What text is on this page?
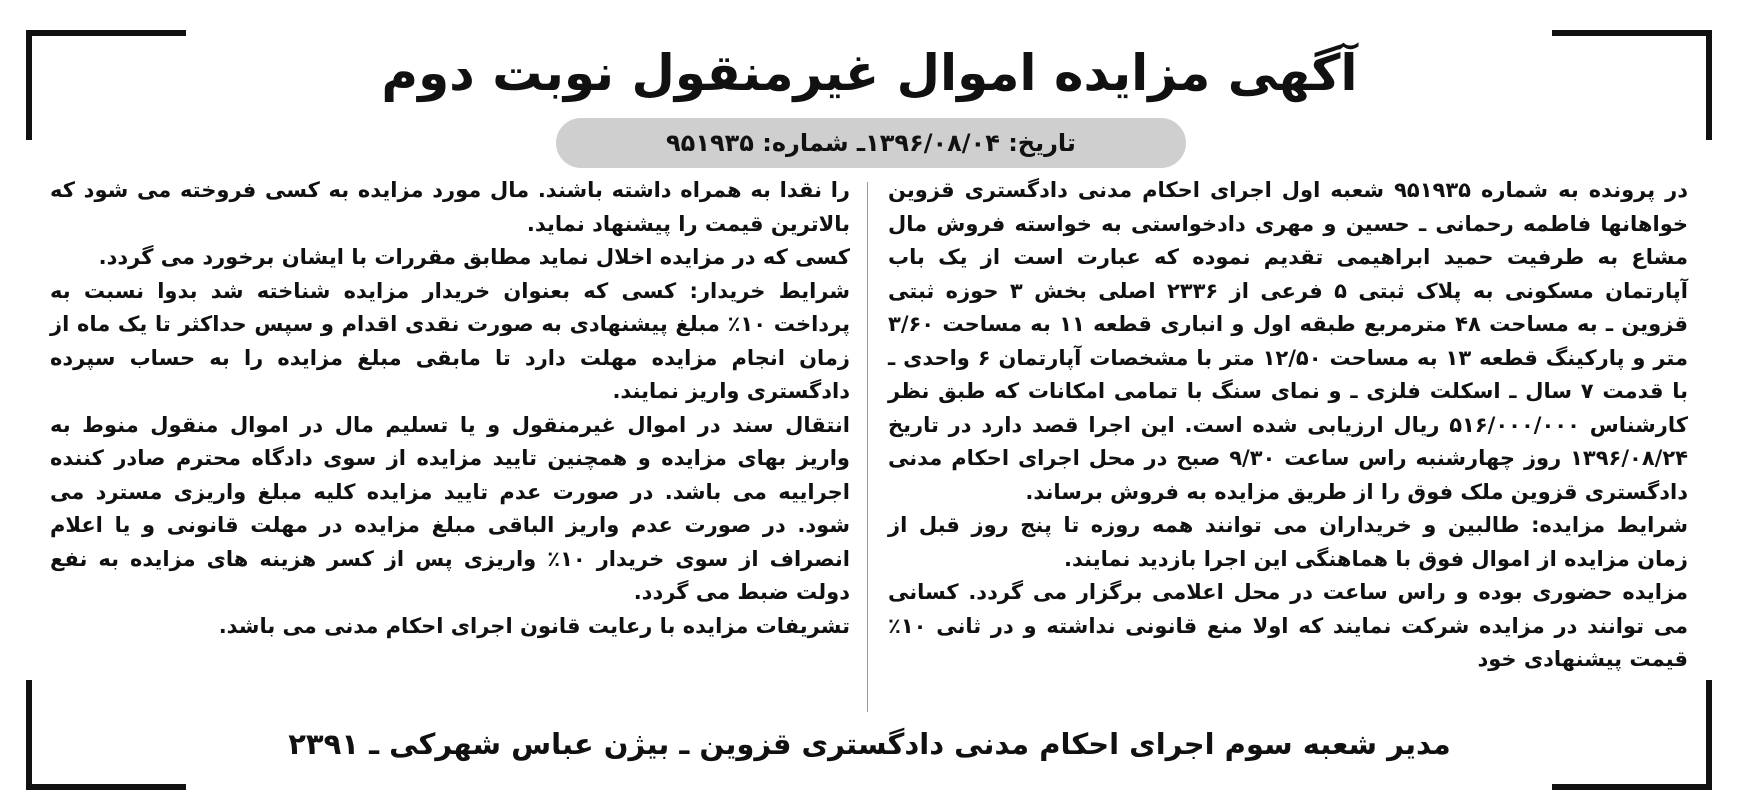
آگهی مزایده اموال غیرمنقول نوبت دوم
تاریخ: ۱۳۹۶/۰۸/۰۴ـ شماره: ۹۵۱۹۳۵

در پرونده به شماره ۹۵۱۹۳۵ شعبه اول اجرای احکام مدنی دادگستری قزوین خواهانها فاطمه رحمانی ـ حسین و مهری دادخواستی به خواسته فروش مال مشاع به طرفیت حمید ابراهیمی تقدیم نموده که عبارت است از یک باب آپارتمان مسکونی به پلاک ثبتی ۵ فرعی از ۲۳۳۶ اصلی بخش ۳ حوزه ثبتی قزوین ـ به مساحت ۴۸ مترمربع طبقه اول و انباری قطعه ۱۱ به مساحت ۳/۶۰ متر و پارکینگ قطعه ۱۳ به مساحت ۱۲/۵۰ متر با مشخصات آپارتمان ۶ واحدی ـ با قدمت ۷ سال ـ اسکلت فلزی ـ و نمای سنگ با تمامی امکانات که طبق نظر کارشناس ۵۱۶/۰۰۰/۰۰۰ ریال ارزیابی شده است. این اجرا قصد دارد در تاریخ ۱۳۹۶/۰۸/۲۴ روز چهارشنبه راس ساعت ۹/۳۰ صبح در محل اجرای احکام مدنی دادگستری قزوین ملک فوق را از طریق مزایده به فروش برساند.

شرایط مزایده: طالبین و خریداران می توانند همه روزه تا پنج روز قبل از زمان مزایده از اموال فوق با هماهنگی این اجرا بازدید نمایند.

مزایده حضوری بوده و راس ساعت در محل اعلامی برگزار می گردد. کسانی می توانند در مزایده شرکت نمایند که اولا منع قانونی نداشته و در ثانی ۱۰٪ قیمت پیشنهادی خود

را نقدا به همراه داشته باشند. مال مورد مزایده به کسی فروخته می شود که بالاترین قیمت را پیشنهاد نماید.

کسی که در مزایده اخلال نماید مطابق مقررات با ایشان برخورد می گردد.

شرایط خریدار: کسی که بعنوان خریدار مزایده شناخته شد بدوا نسبت به پرداخت ۱۰٪ مبلغ پیشنهادی به صورت نقدی اقدام و سپس حداکثر تا یک ماه از زمان انجام مزایده مهلت دارد تا مابقی مبلغ مزایده را به حساب سپرده دادگستری واریز نمایند.

انتقال سند در اموال غیرمنقول و یا تسلیم مال در اموال منقول منوط به واریز بهای مزایده و همچنین تایید مزایده از سوی دادگاه محترم صادر کننده اجراییه می باشد. در صورت عدم تایید مزایده کلیه مبلغ واریزی مسترد می شود. در صورت عدم واریز الباقی مبلغ مزایده در مهلت قانونی و یا اعلام انصراف از سوی خریدار ۱۰٪ واریزی پس از کسر هزینه های مزایده به نفع دولت ضبط می گردد.

تشریفات مزایده با رعایت قانون اجرای احکام مدنی می باشد.

مدیر شعبه سوم اجرای احکام مدنی دادگستری قزوین ـ بیژن عباس شهرکی ـ ۲۳۹۱
